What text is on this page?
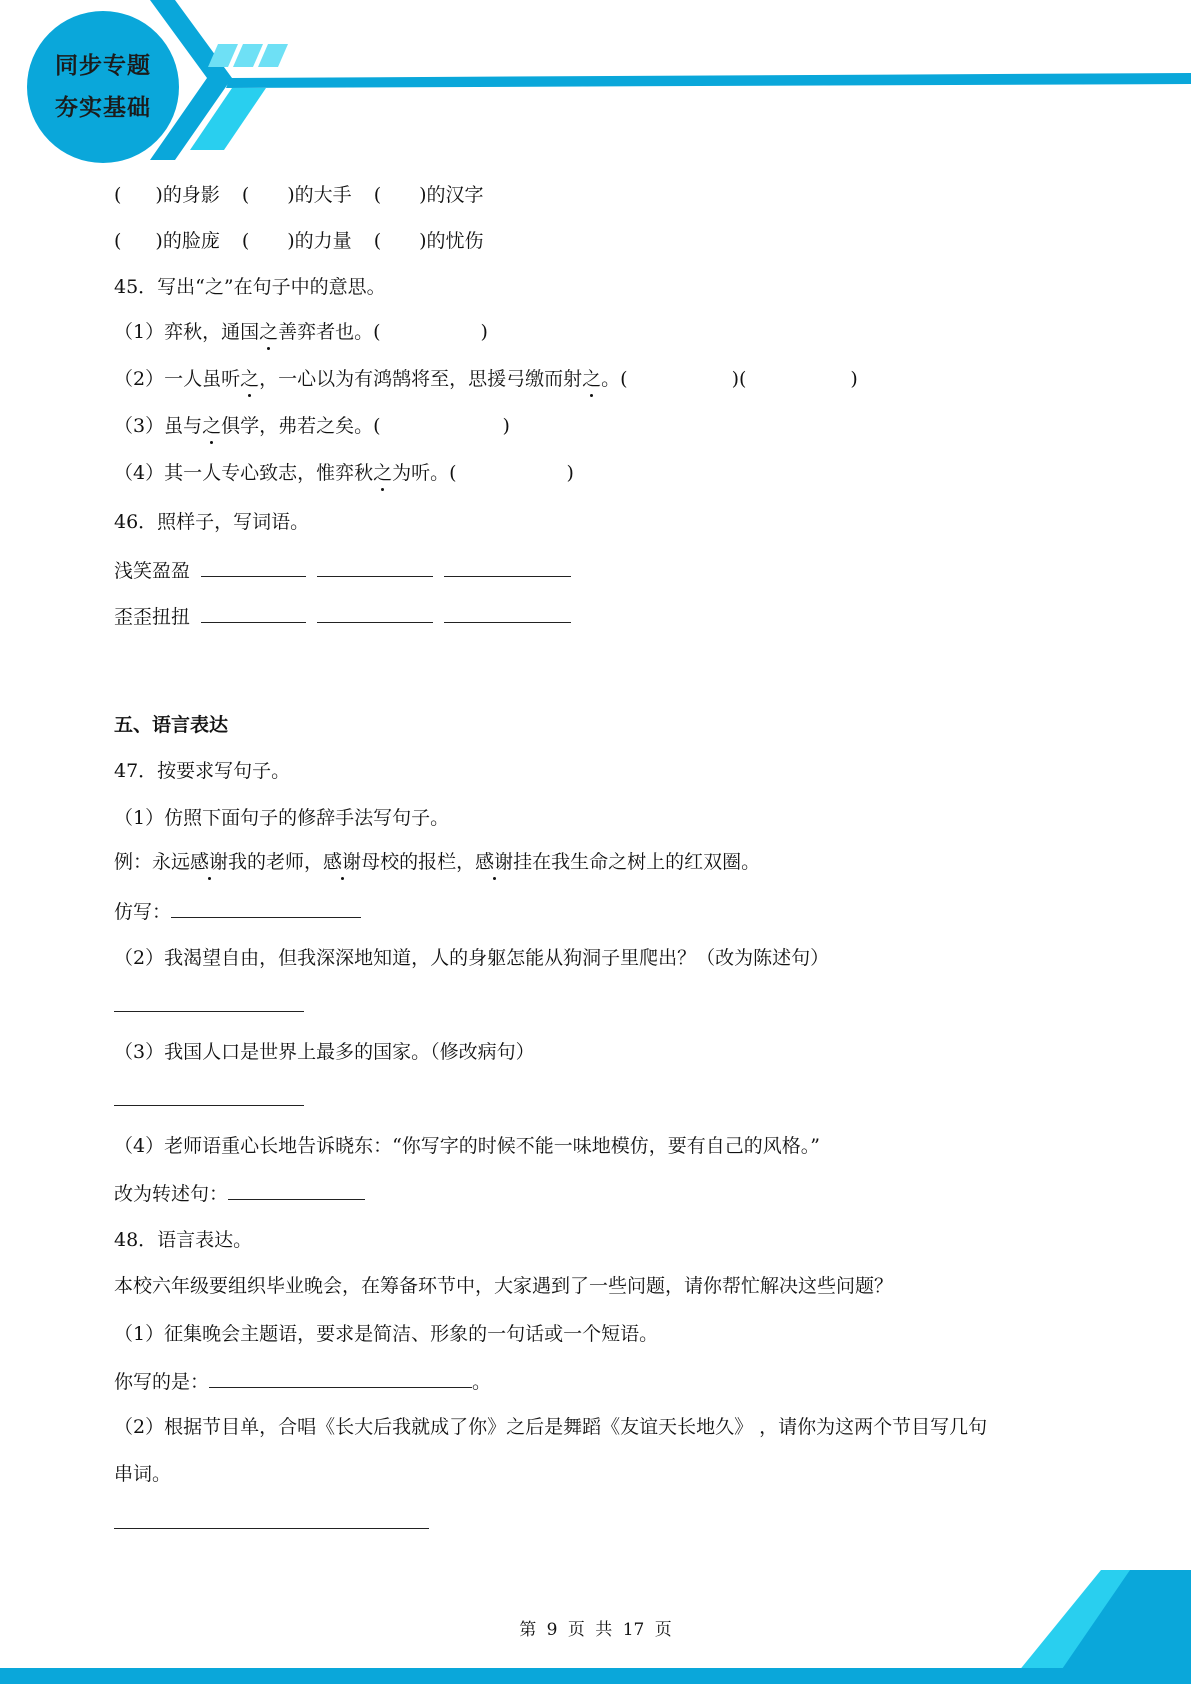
同步专题
夯实基础
( )的身影 ( )的大手 ( )的汉字
( )的脸庞 ( )的力量 ( )的忧伤
45．写出“之”在句子中的意思。
（1）弈秋，通国之善弈者也。(	)
（2）一人虽听之，一心以为有鸿鹄将至，思援弓缴而射之。(	)(	)
（3）虽与之俱学，弗若之矣。(	)
（4）其一人专心致志，惟弈秋之为听。(	)
46．照样子，写词语。
浅笑盈盈
歪歪扭扭
五、语言表达
47．按要求写句子。
（1）仿照下面句子的修辞手法写句子。
例：永远感谢我的老师，感谢母校的报栏，感谢挂在我生命之树上的红双圈。
仿写：
（2）我渴望自由，但我深深地知道，人的身躯怎能从狗洞子里爬出？（改为陈述句）
（3）我国人口是世界上最多的国家。（修改病句）
（4）老师语重心长地告诉晓东：“你写字的时候不能一味地模仿，要有自己的风格。”
改为转述句：
48．语言表达。
本校六年级要组织毕业晚会，在筹备环节中，大家遇到了一些问题，请你帮忙解决这些问题？
（1）征集晚会主题语，要求是简洁、形象的一句话或一个短语。
你写的是：	。
（2）根据节目单，合唱《长大后我就成了你》之后是舞蹈《友谊天长地久》 ，请你为这两个节目写几句
串词。
第 9 页 共 17 页
